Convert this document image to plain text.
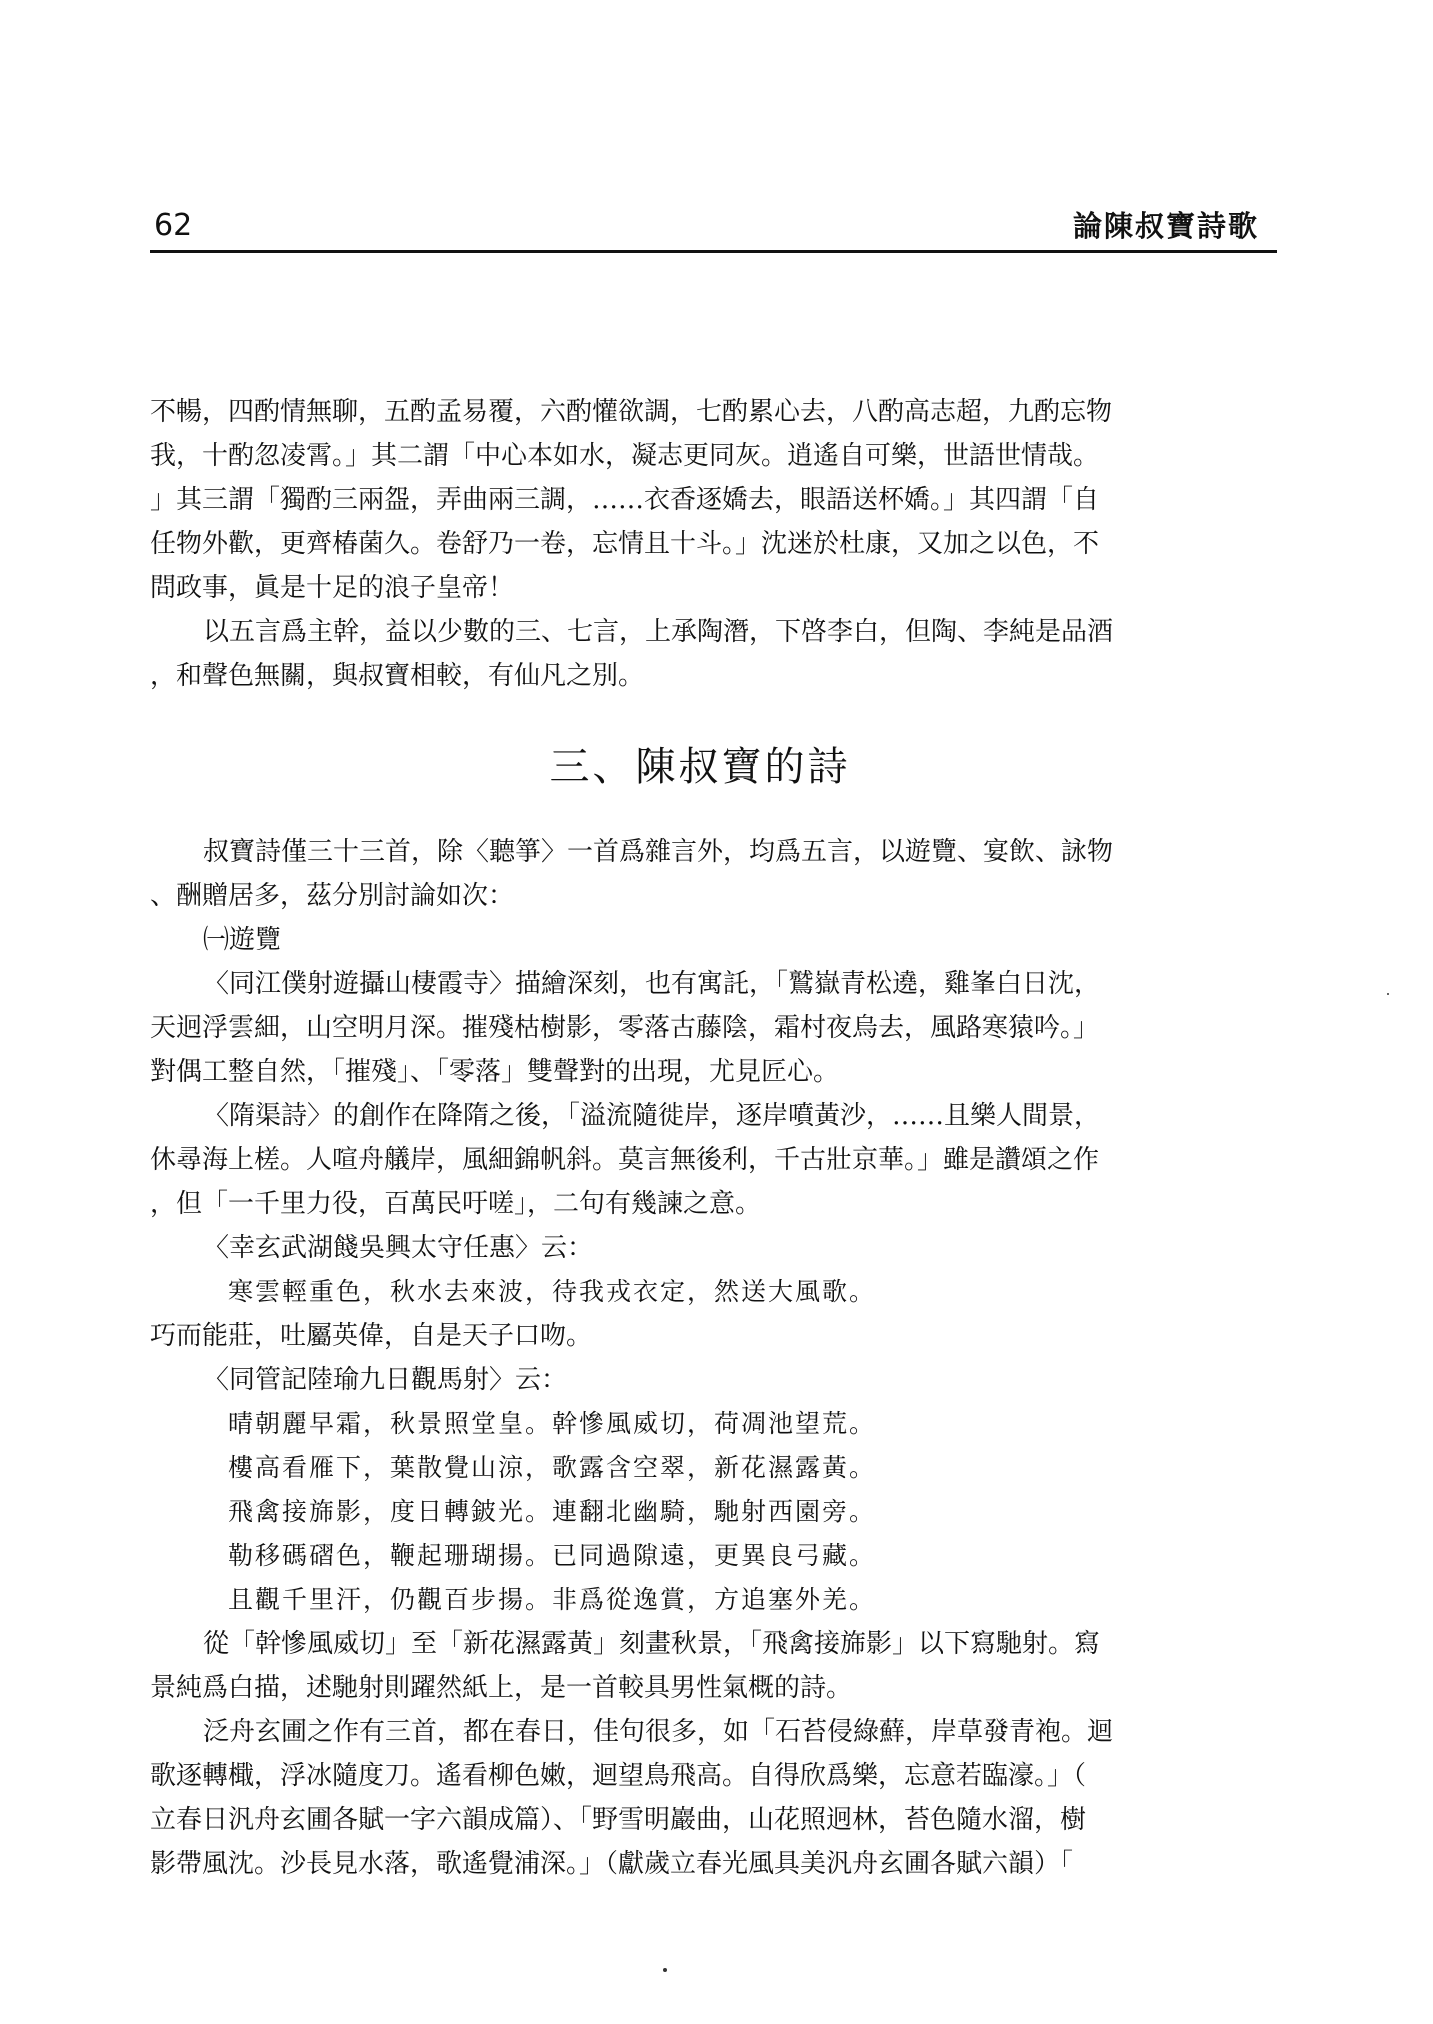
62	論陳叔寶詩歌
不暢，四酌情無聊，五酌孟易覆，六酌懽欲調，七酌累心去，八酌高志超，九酌忘物
我，十酌忽凌霄。」其二謂「中心本如水，凝志更同灰。逍遙自可樂，世語世情哉。
」其三謂「獨酌三兩盌，弄曲兩三調，……衣香逐嬌去，眼語送杯嬌。」其四謂「自
任物外歡，更齊椿菌久。卷舒乃一卷，忘情且十斗。」沈迷於杜康，又加之以色，不
問政事，眞是十足的浪子皇帝！
以五言爲主幹，益以少數的三、七言，上承陶潛，下啓李白，但陶、李純是品酒
，和聲色無關，與叔寶相較，有仙凡之別。
三、陳叔寶的詩
叔寶詩僅三十三首，除〈聽箏〉一首爲雜言外，均爲五言，以遊覽、宴飲、詠物
、酬贈居多，茲分別討論如次：
㈠遊覽
〈同江僕射遊攝山棲霞寺〉描繪深刻，也有寓託，「鷲嶽青松遶，雞峯白日沈，
天迥浮雲細，山空明月深。摧殘枯樹影，零落古藤陰，霜村夜烏去，風路寒猿吟。」
對偶工整自然，「摧殘」、「零落」雙聲對的出現，尤見匠心。
〈隋渠詩〉的創作在降隋之後，「溢流隨徙岸，逐岸噴黃沙，……且樂人間景，
休尋海上槎。人喧舟艤岸，風細錦帆斜。莫言無後利，千古壯京華。」雖是讚頌之作
，但「一千里力役，百萬民吁嗟」，二句有幾諫之意。
〈幸玄武湖餞吳興太守任惠〉云：
寒雲輕重色，秋水去來波，待我戎衣定，然送大風歌。
巧而能莊，吐屬英偉，自是天子口吻。
〈同管記陸瑜九日觀馬射〉云：
晴朝麗早霜，秋景照堂皇。幹慘風威切，荷凋池望荒。
樓高看雁下，葉散覺山涼，歌露含空翠，新花濕露黃。
飛禽接旆影，度日轉鈹光。連翻北幽騎，馳射西園旁。
勒移碼磖色，鞭起珊瑚揚。已同過隙遠，更異良弓藏。
且觀千里汗，仍觀百步揚。非爲從逸賞，方追塞外羌。
從「幹慘風威切」至「新花濕露黃」刻畫秋景，「飛禽接旆影」以下寫馳射。寫
景純爲白描，述馳射則躍然紙上，是一首較具男性氣概的詩。
泛舟玄圃之作有三首，都在春日，佳句很多，如「石苔侵綠蘚，岸草發青袍。迴
歌逐轉檝，浮冰隨度刀。遙看柳色嫩，迴望鳥飛高。自得欣爲樂，忘意若臨濠。」（
立春日汎舟玄圃各賦一字六韻成篇）、「野雪明巖曲，山花照迥林，苔色隨水溜，樹
影帶風沈。沙長見水落，歌遙覺浦深。」（獻歲立春光風具美汎舟玄圃各賦六韻）「
